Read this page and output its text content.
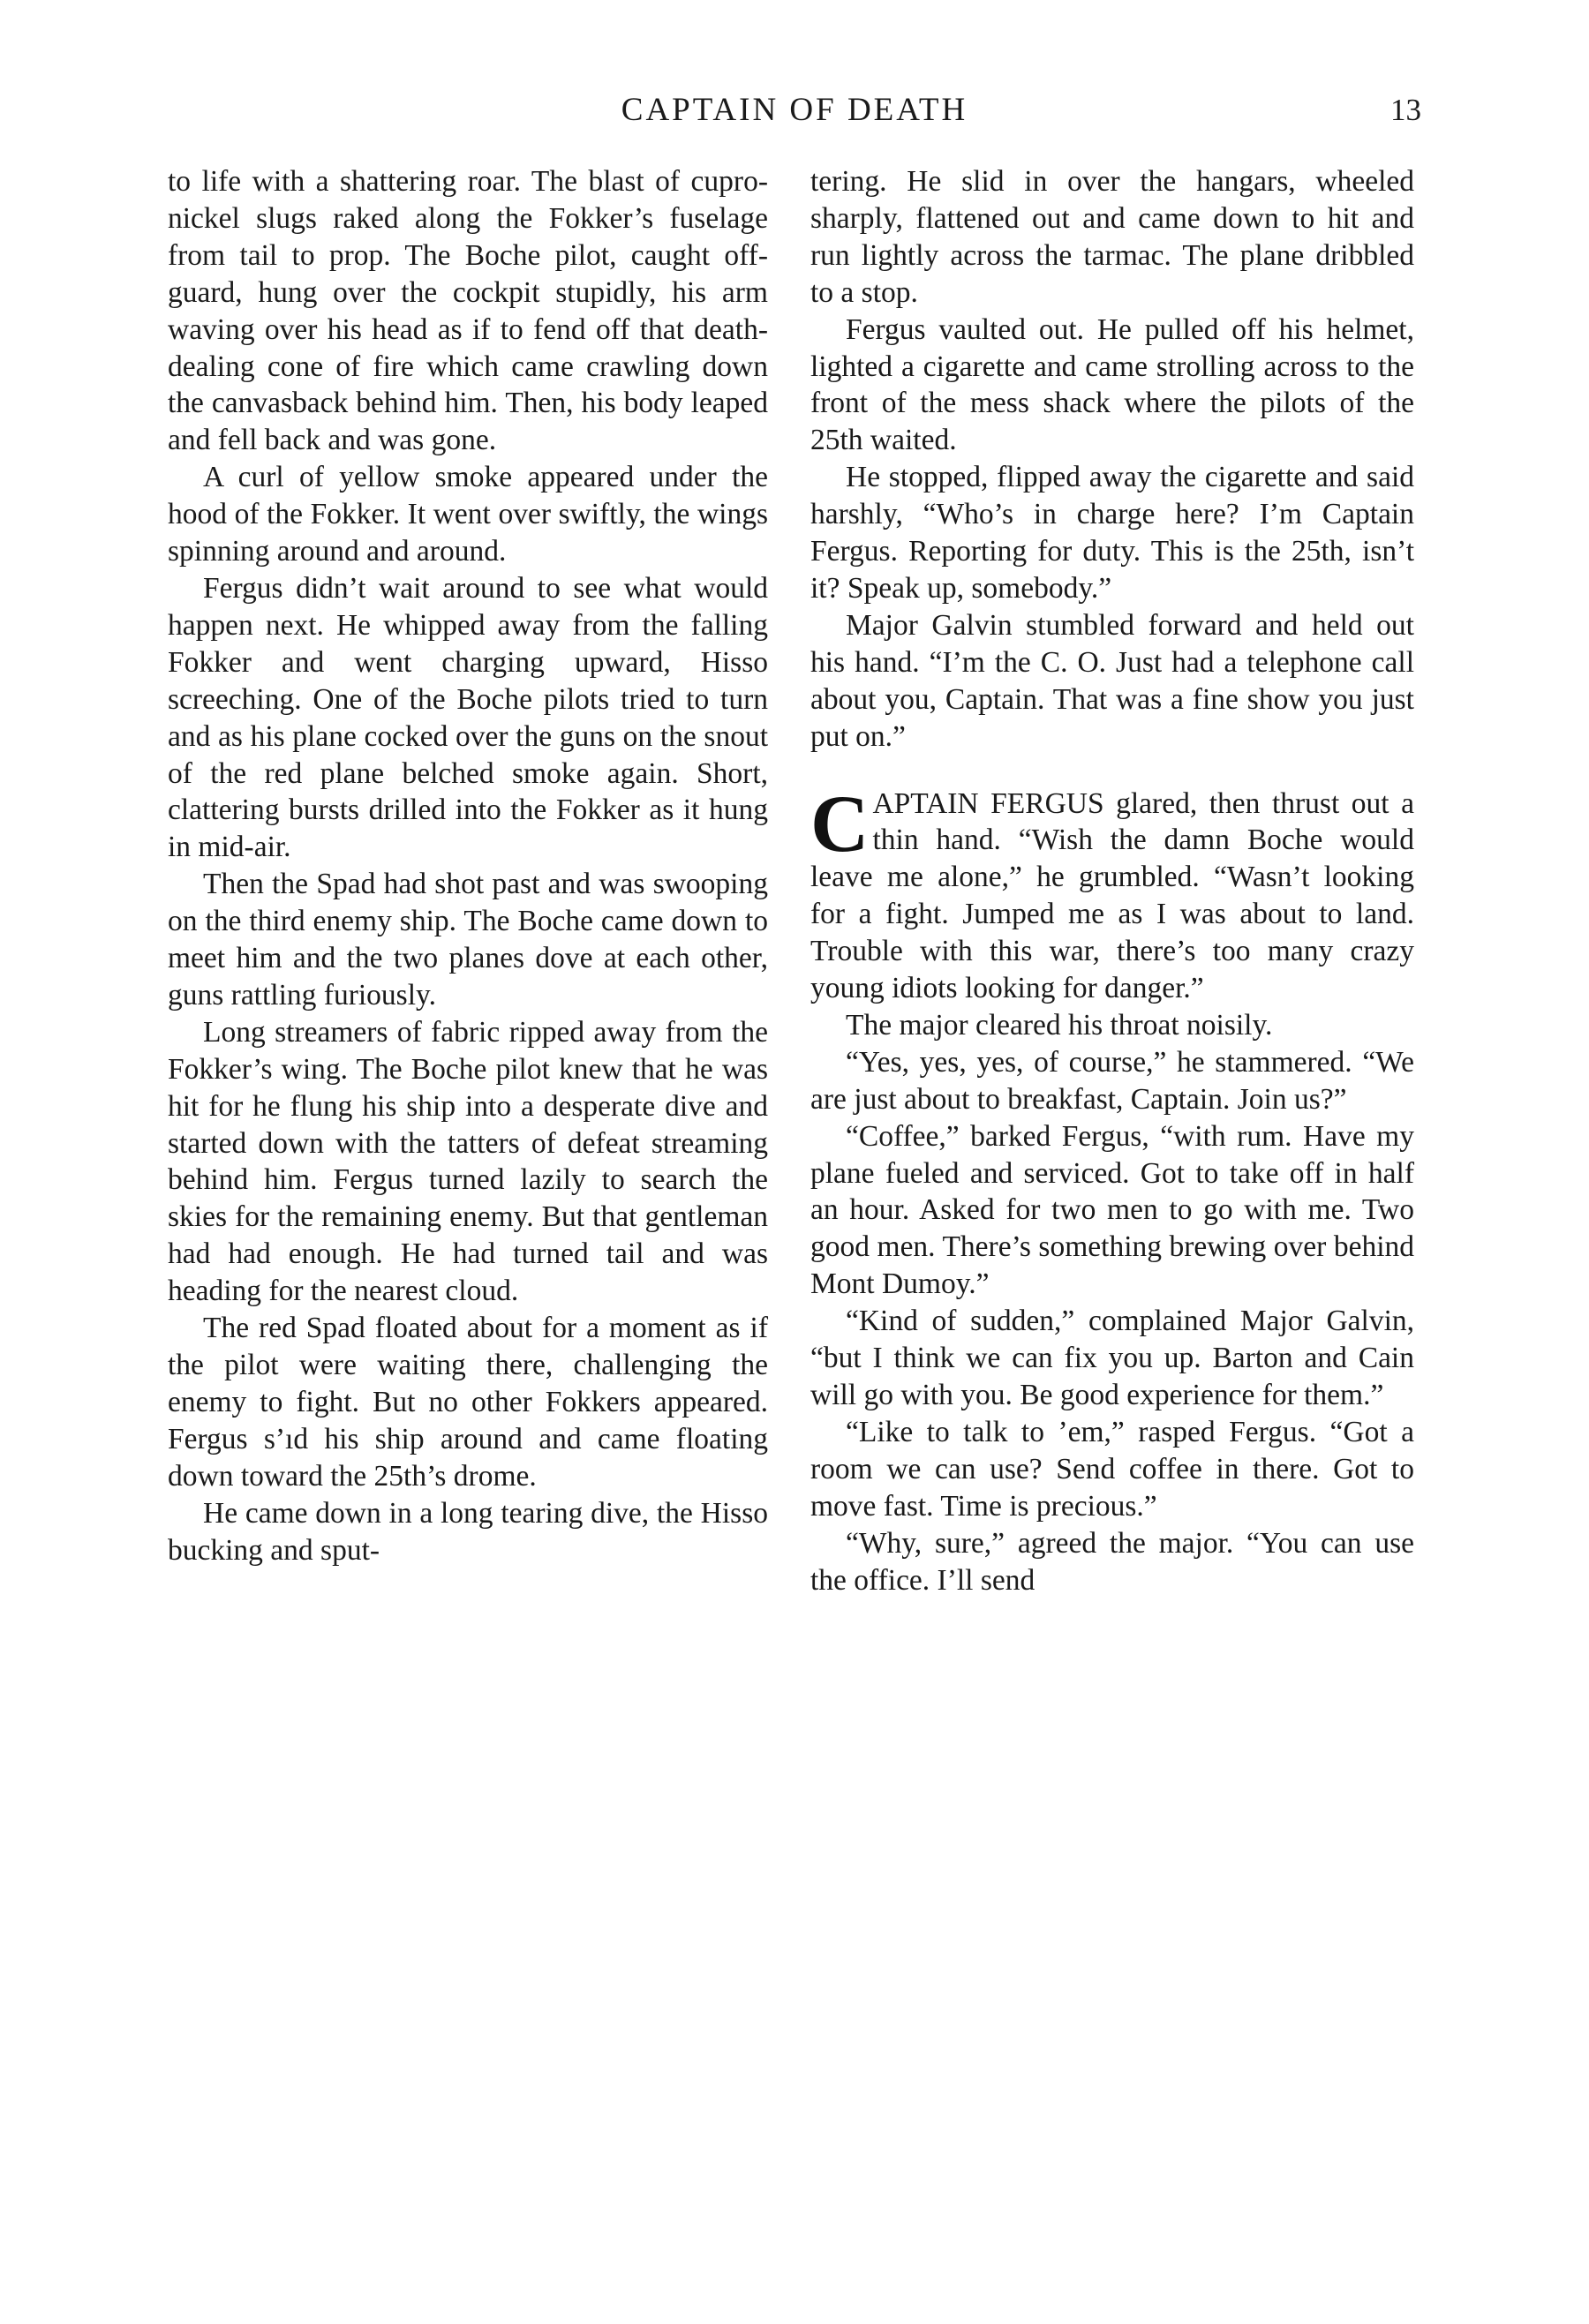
CAPTAIN OF DEATH	13

to life with a shattering roar. The blast of cupro-nickel slugs raked along the Fokker’s fuselage from tail to prop. The Boche pilot, caught off-guard, hung over the cockpit stupidly, his arm waving over his head as if to fend off that death-dealing cone of fire which came crawling down the canvasback behind him. Then, his body leaped and fell back and was gone.

A curl of yellow smoke appeared under the hood of the Fokker. It went over swiftly, the wings spinning around and around.

Fergus didn’t wait around to see what would happen next. He whipped away from the falling Fokker and went charging upward, Hisso screeching. One of the Boche pilots tried to turn and as his plane cocked over the guns on the snout of the red plane belched smoke again. Short, clattering bursts drilled into the Fokker as it hung in mid-air.

Then the Spad had shot past and was swooping on the third enemy ship. The Boche came down to meet him and the two planes dove at each other, guns rattling furiously.

Long streamers of fabric ripped away from the Fokker’s wing. The Boche pilot knew that he was hit for he flung his ship into a desperate dive and started down with the tatters of defeat streaming behind him. Fergus turned lazily to search the skies for the remaining enemy. But that gentleman had had enough. He had turned tail and was heading for the nearest cloud.

The red Spad floated about for a moment as if the pilot were waiting there, challenging the enemy to fight. But no other Fokkers appeared. Fergus s’ıd his ship around and came floating down toward the 25th’s drome.

He came down in a long tearing dive, the Hisso bucking and sput-

tering. He slid in over the hangars, wheeled sharply, flattened out and came down to hit and run lightly across the tarmac. The plane dribbled to a stop.

Fergus vaulted out. He pulled off his helmet, lighted a cigarette and came strolling across to the front of the mess shack where the pilots of the 25th waited.

He stopped, flipped away the cigarette and said harshly, “Who’s in charge here? I’m Captain Fergus. Reporting for duty. This is the 25th, isn’t it? Speak up, somebody.”

Major Galvin stumbled forward and held out his hand. “I’m the C. O. Just had a telephone call about you, Captain. That was a fine show you just put on.”

CAPTAIN FERGUS glared, then thrust out a thin hand. “Wish the damn Boche would leave me alone,” he grumbled. “Wasn’t looking for a fight. Jumped me as I was about to land. Trouble with this war, there’s too many crazy young idiots looking for danger.”

The major cleared his throat noisily.

“Yes, yes, yes, of course,” he stammered. “We are just about to breakfast, Captain. Join us?”

“Coffee,” barked Fergus, “with rum. Have my plane fueled and serviced. Got to take off in half an hour. Asked for two men to go with me. Two good men. There’s something brewing over behind Mont Dumoy.”

“Kind of sudden,” complained Major Galvin, “but I think we can fix you up. Barton and Cain will go with you. Be good experience for them.”

“Like to talk to ’em,” rasped Fergus. “Got a room we can use? Send coffee in there. Got to move fast. Time is precious.”

“Why, sure,” agreed the major. “You can use the office. I’ll send
